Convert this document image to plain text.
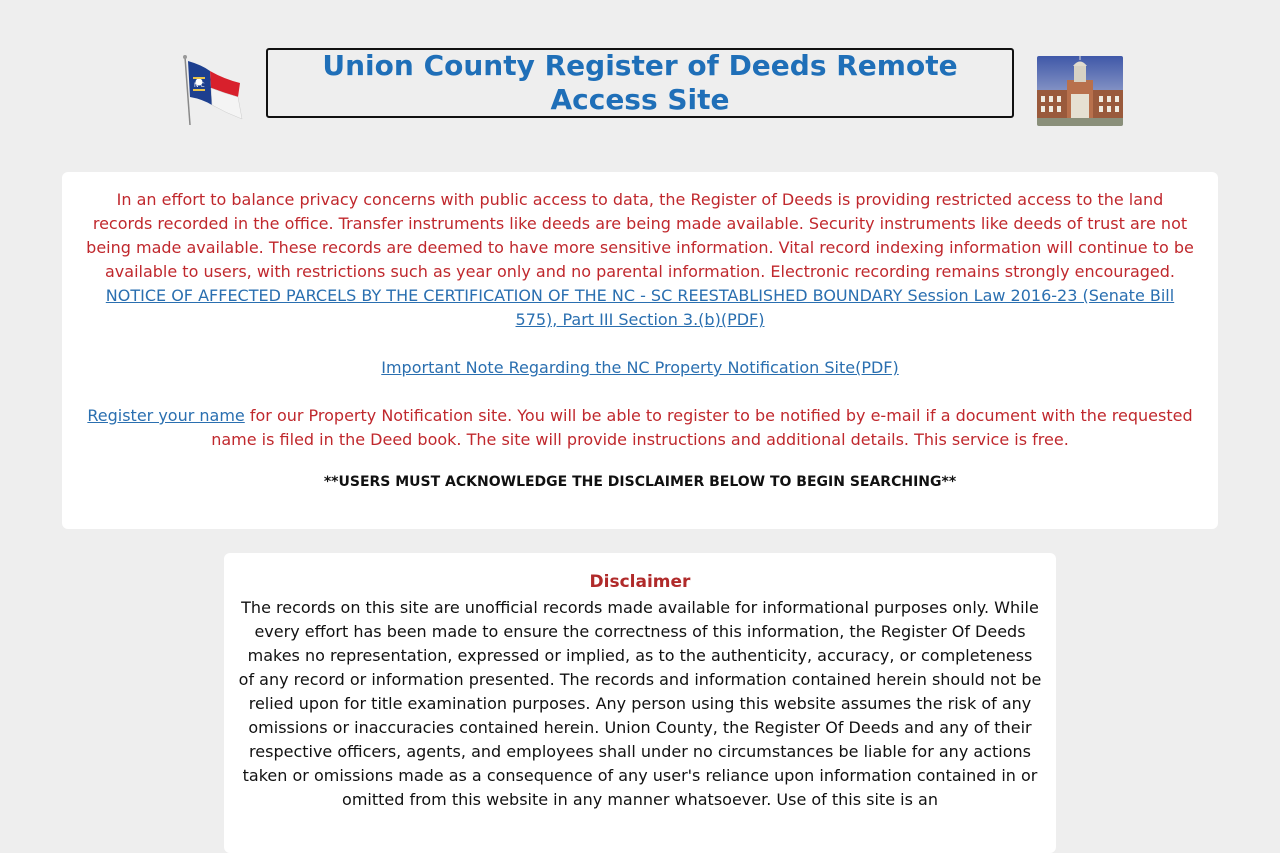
N C
Union County Register of Deeds Remote Access Site

In an effort to balance privacy concerns with public access to data, the Register of Deeds is providing restricted access to the land records recorded in the office. Transfer instruments like deeds are being made available. Security instruments like deeds of trust are not being made available. These records are deemed to have more sensitive information. Vital record indexing information will continue to be available to users, with restrictions such as year only and no parental information. Electronic recording remains strongly encouraged.

NOTICE OF AFFECTED PARCELS BY THE CERTIFICATION OF THE NC - SC REESTABLISHED BOUNDARY Session Law 2016-23 (Senate Bill 575), Part III Section 3.(b)(PDF)

Important Note Regarding the NC Property Notification Site(PDF)

Register your name for our Property Notification site. You will be able to register to be notified by e-mail if a document with the requested name is filed in the Deed book. The site will provide instructions and additional details. This service is free.

**USERS MUST ACKNOWLEDGE THE DISCLAIMER BELOW TO BEGIN SEARCHING**

Disclaimer

The records on this site are unofficial records made available for informational purposes only. While every effort has been made to ensure the correctness of this information, the Register Of Deeds makes no representation, expressed or implied, as to the authenticity, accuracy, or completeness of any record or information presented. The records and information contained herein should not be relied upon for title examination purposes. Any person using this website assumes the risk of any omissions or inaccuracies contained herein. Union County, the Register Of Deeds and any of their respective officers, agents, and employees shall under no circumstances be liable for any actions taken or omissions made as a consequence of any user's reliance upon information contained in or omitted from this website in any manner whatsoever. Use of this site is an
